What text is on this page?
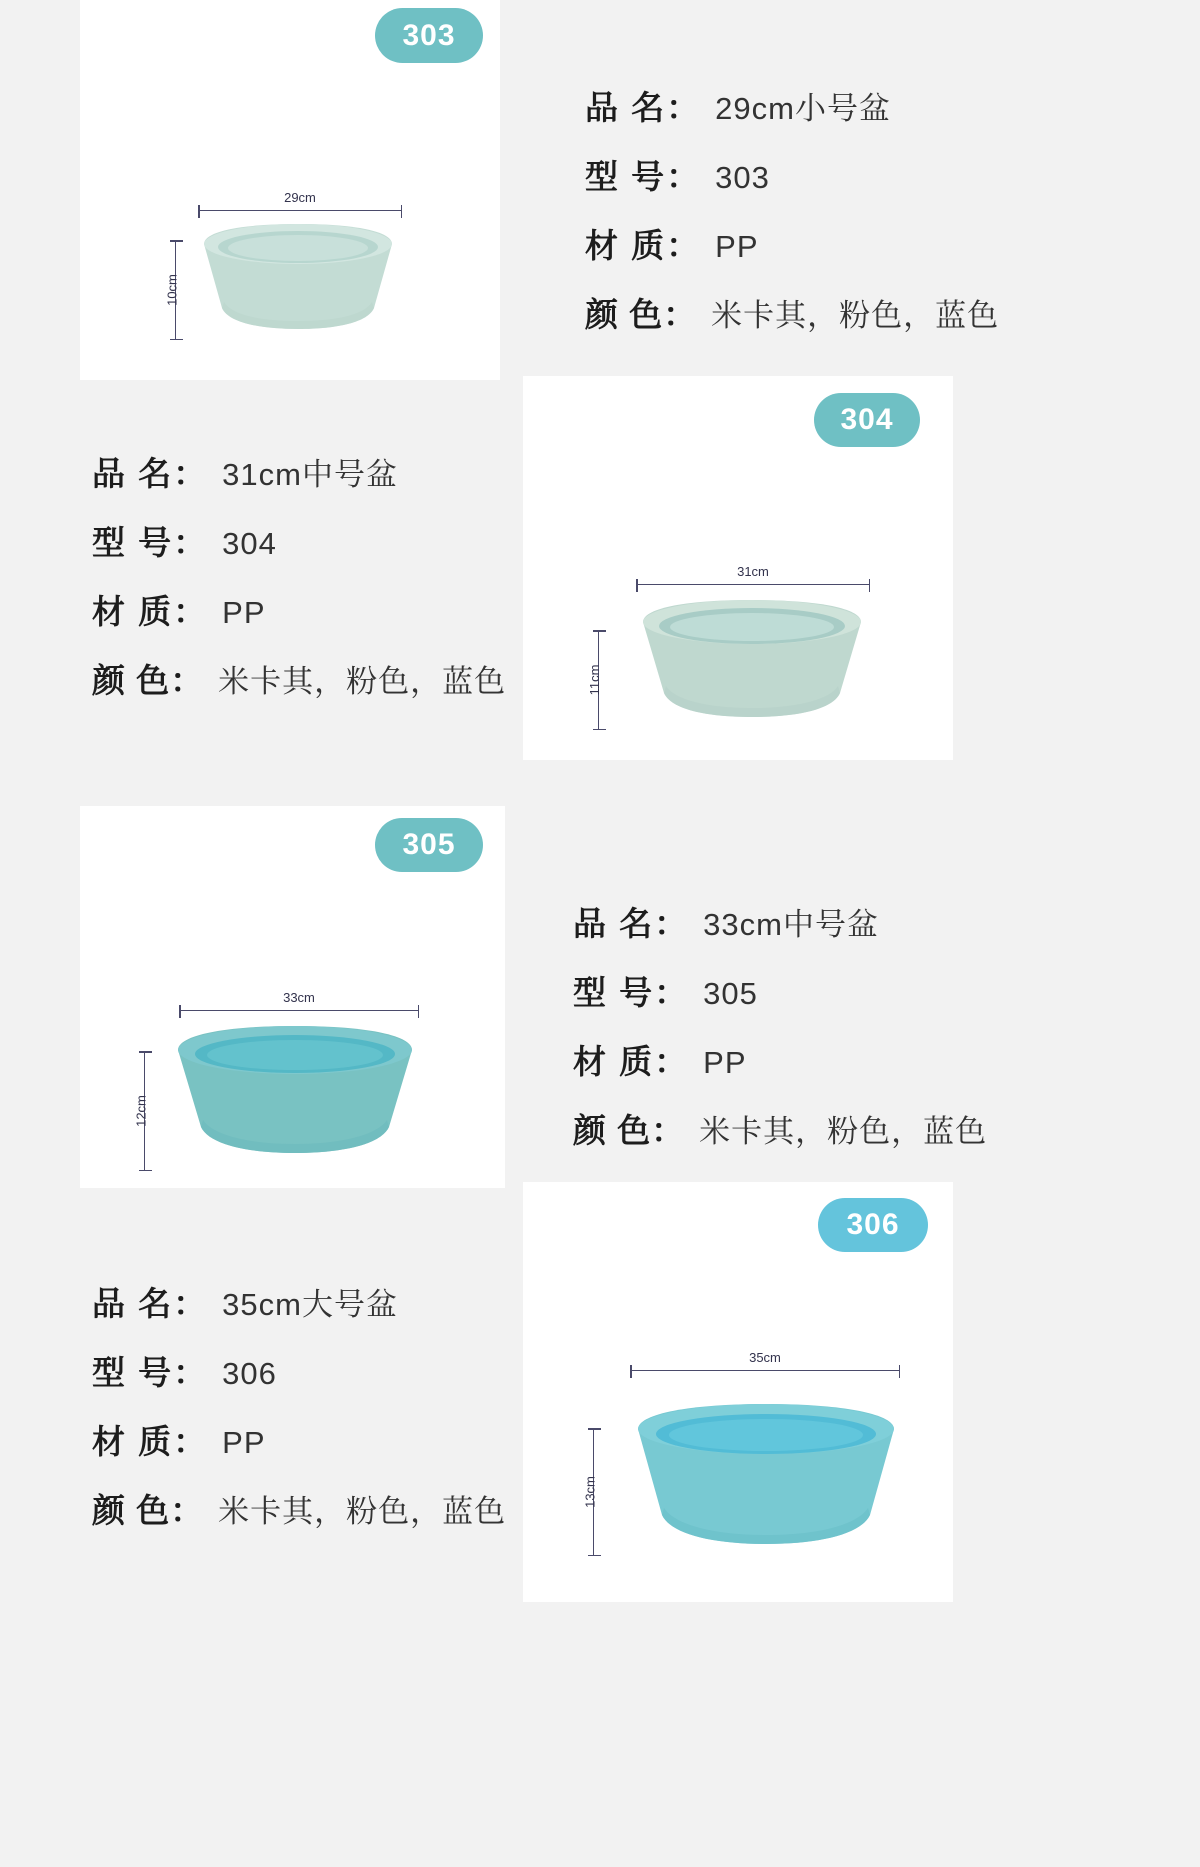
29cm
10cm
303
品 名： 29cm小号盆
型 号： 303
材 质： PP
颜 色： 米卡其，粉色，蓝色
31cm
11cm
304
品 名： 31cm中号盆
型 号： 304
材 质： PP
颜 色： 米卡其，粉色，蓝色
33cm
12cm
305
品 名： 33cm中号盆
型 号： 305
材 质： PP
颜 色： 米卡其，粉色，蓝色
35cm
13cm
306
品 名： 35cm大号盆
型 号： 306
材 质： PP
颜 色： 米卡其，粉色，蓝色
